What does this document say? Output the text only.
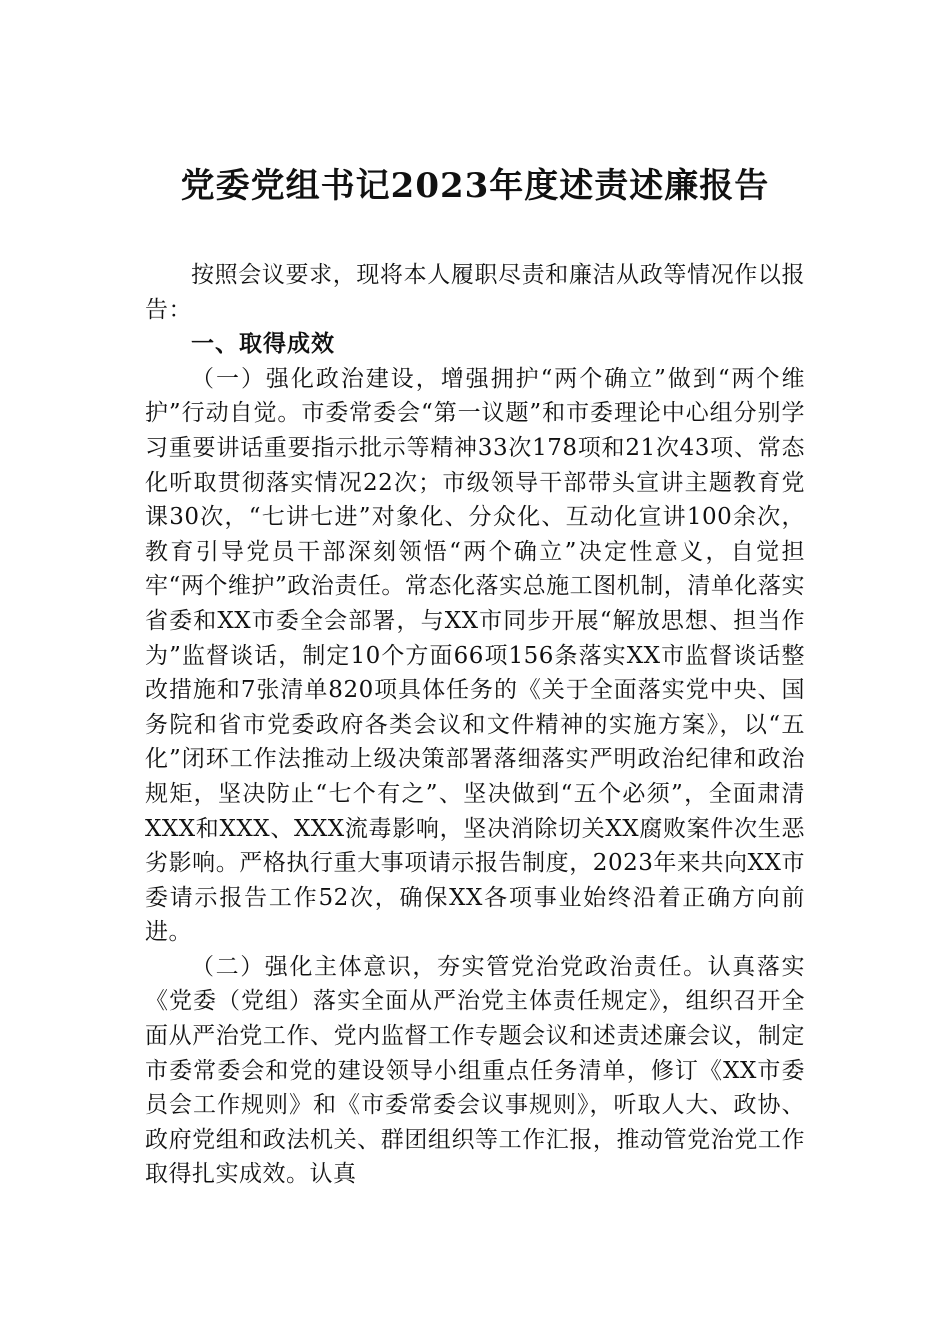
党委党组书记2023年度述责述廉报告

按照会议要求，现将本人履职尽责和廉洁从政等情况作以报告：

一、取得成效

（一）强化政治建设，增强拥护“两个确立”做到“两个维护”行动自觉。市委常委会“第一议题”和市委理论中心组分别学习重要讲话重要指示批示等精神33次178项和21次43项、常态化听取贯彻落实情况22次；市级领导干部带头宣讲主题教育党课30次，“七讲七进”对象化、分众化、互动化宣讲100余次，教育引导党员干部深刻领悟“两个确立”决定性意义，自觉担牢“两个维护”政治责任。常态化落实总施工图机制，清单化落实省委和XX市委全会部署，与XX市同步开展“解放思想、担当作为”监督谈话，制定10个方面66项156条落实XX市监督谈话整改措施和7张清单820项具体任务的《关于全面落实党中央、国务院和省市党委政府各类会议和文件精神的实施方案》，以“五化”闭环工作法推动上级决策部署落细落实严明政治纪律和政治规矩，坚决防止“七个有之”、坚决做到“五个必须”，全面肃清XXX和XXX、XXX流毒影响，坚决消除切关XX腐败案件次生恶劣影响。严格执行重大事项请示报告制度，2023年来共向XX市委请示报告工作52次，确保XX各项事业始终沿着正确方向前进。

（二）强化主体意识，夯实管党治党政治责任。认真落实《党委（党组）落实全面从严治党主体责任规定》，组织召开全面从严治党工作、党内监督工作专题会议和述责述廉会议，制定市委常委会和党的建设领导小组重点任务清单，修订《XX市委员会工作规则》和《市委常委会议事规则》，听取人大、政协、政府党组和政法机关、群团组织等工作汇报，推动管党治党工作取得扎实成效。认真
